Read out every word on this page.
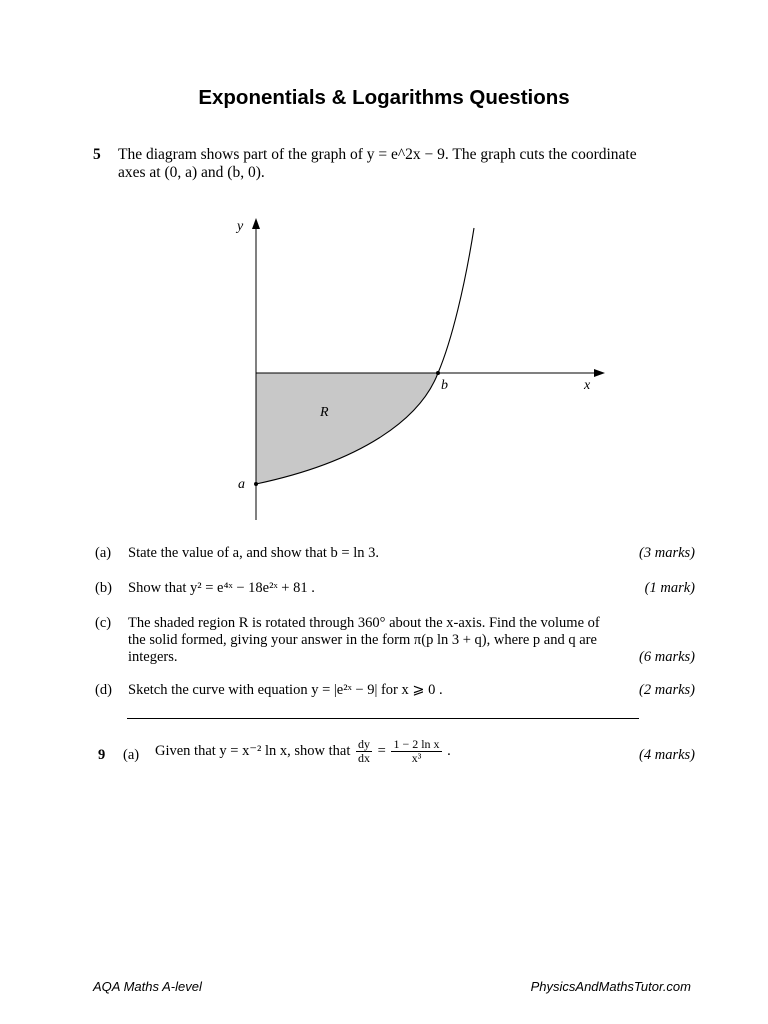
Exponentials & Logarithms Questions
5 The diagram shows part of the graph of y = e^2x − 9. The graph cuts the coordinate
axes at (0, a) and (b, 0).
y
x
a
b
R
(a) State the value of a, and show that b = ln 3.	(3 marks)
(b) Show that y² = e⁴ˣ − 18e²ˣ + 81 .	(1 mark)
(c) The shaded region R is rotated through 360° about the x-axis. Find the volume of
the solid formed, giving your answer in the form π(p ln 3 + q), where p and q are
integers.	(6 marks)
(d) Sketch the curve with equation y = |e²ˣ − 9| for x ⩾ 0 .	(2 marks)
9 (a) Given that y = x⁻² ln x, show that $\frac{dy}{dx} = \frac{\text{1 − 2 ln x}}{\text{x³}}$ .	(4 marks)
AQA Maths A-level	PhysicsAndMathsTutor.com
